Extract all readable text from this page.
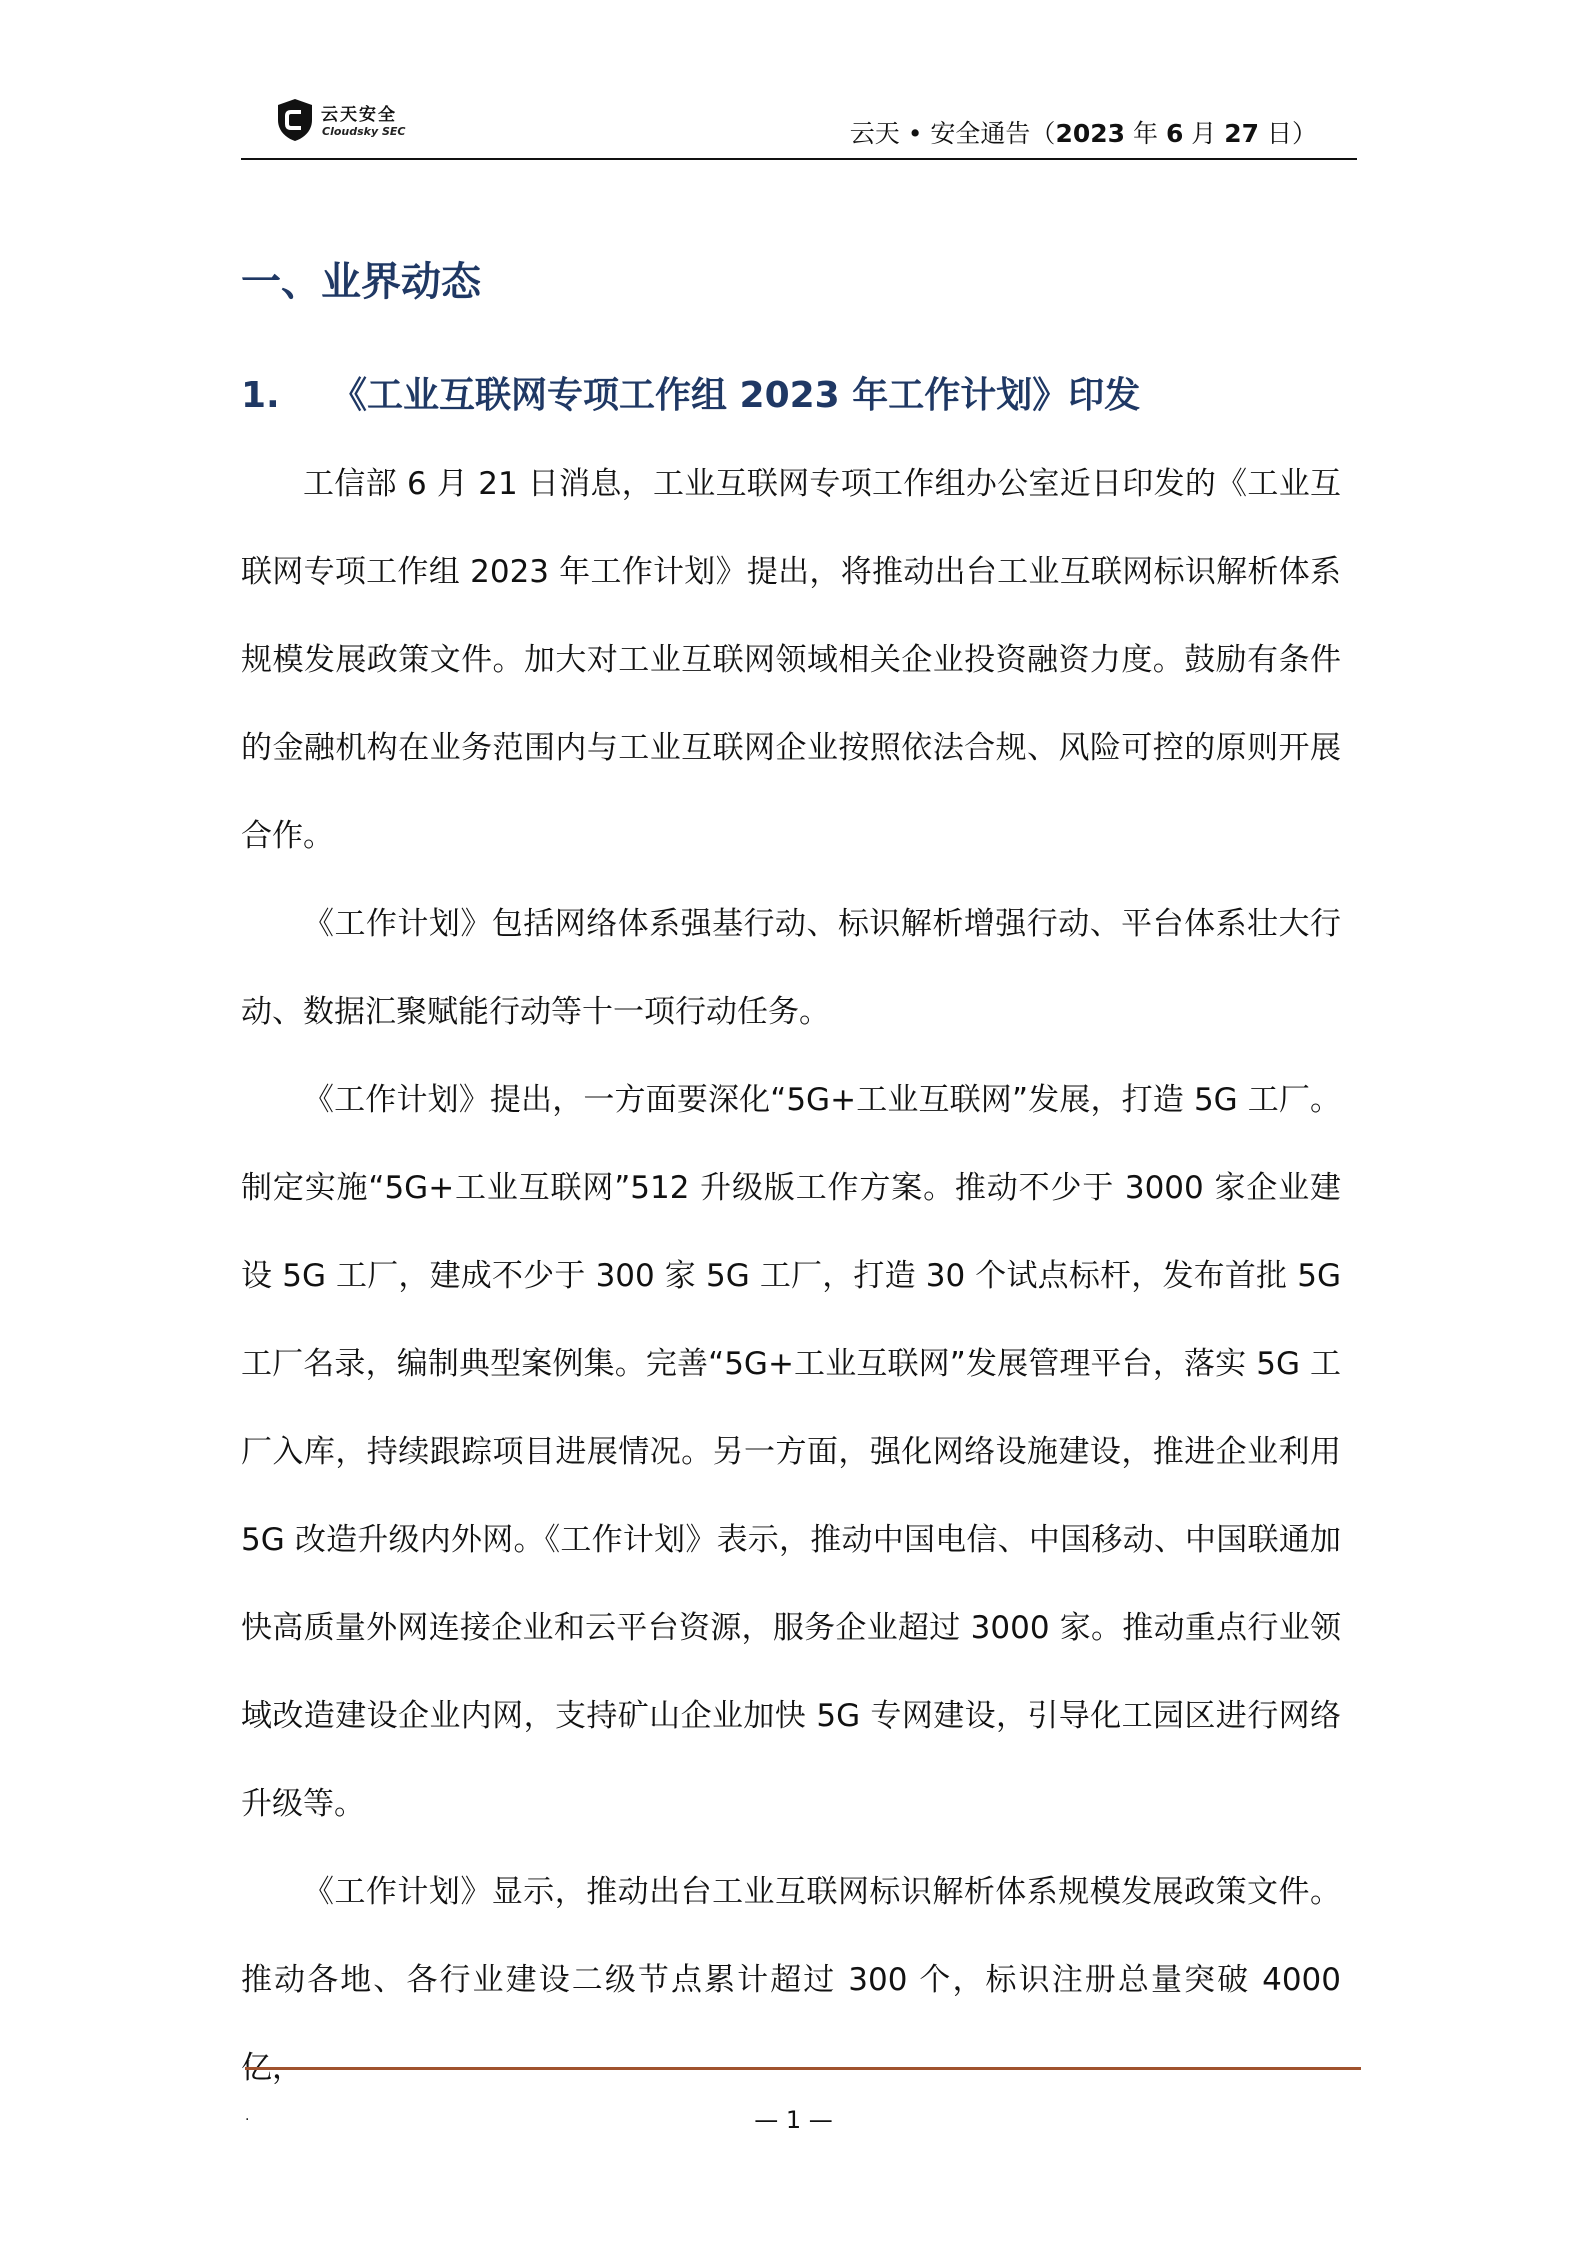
云天安全
Cloudsky SEC	云天 • 安全通告（2023 年 6 月 27 日）
一、业界动态
1. 《工业互联网专项工作组 2023 年工作计划》印发

工信部 6 月 21 日消息，工业互联网专项工作组办公室近日印发的《工业互联网专项工作组 2023 年工作计划》提出，将推动出台工业互联网标识解析体系规模发展政策文件。加大对工业互联网领域相关企业投资融资力度。鼓励有条件的金融机构在业务范围内与工业互联网企业按照依法合规、风险可控的原则开展合作。

《工作计划》包括网络体系强基行动、标识解析增强行动、平台体系壮大行动、数据汇聚赋能行动等十一项行动任务。

《工作计划》提出，一方面要深化“5G+工业互联网”发展，打造 5G 工厂。制定实施“5G+工业互联网”512 升级版工作方案。推动不少于 3000 家企业建设 5G 工厂，建成不少于 300 家 5G 工厂，打造 30 个试点标杆，发布首批 5G 工厂名录，编制典型案例集。完善“5G+工业互联网”发展管理平台，落实 5G 工厂入库，持续跟踪项目进展情况。另一方面，强化网络设施建设，推进企业利用 5G 改造升级内外网。《工作计划》表示，推动中国电信、中国移动、中国联通加快高质量外网连接企业和云平台资源，服务企业超过 3000 家。推动重点行业领域改造建设企业内网，支持矿山企业加快 5G 专网建设，引导化工园区进行网络升级等。

《工作计划》显示，推动出台工业互联网标识解析体系规模发展政策文件。推动各地、各行业建设二级节点累计超过 300 个，标识注册总量突破 4000 亿，

.	— 1 —
